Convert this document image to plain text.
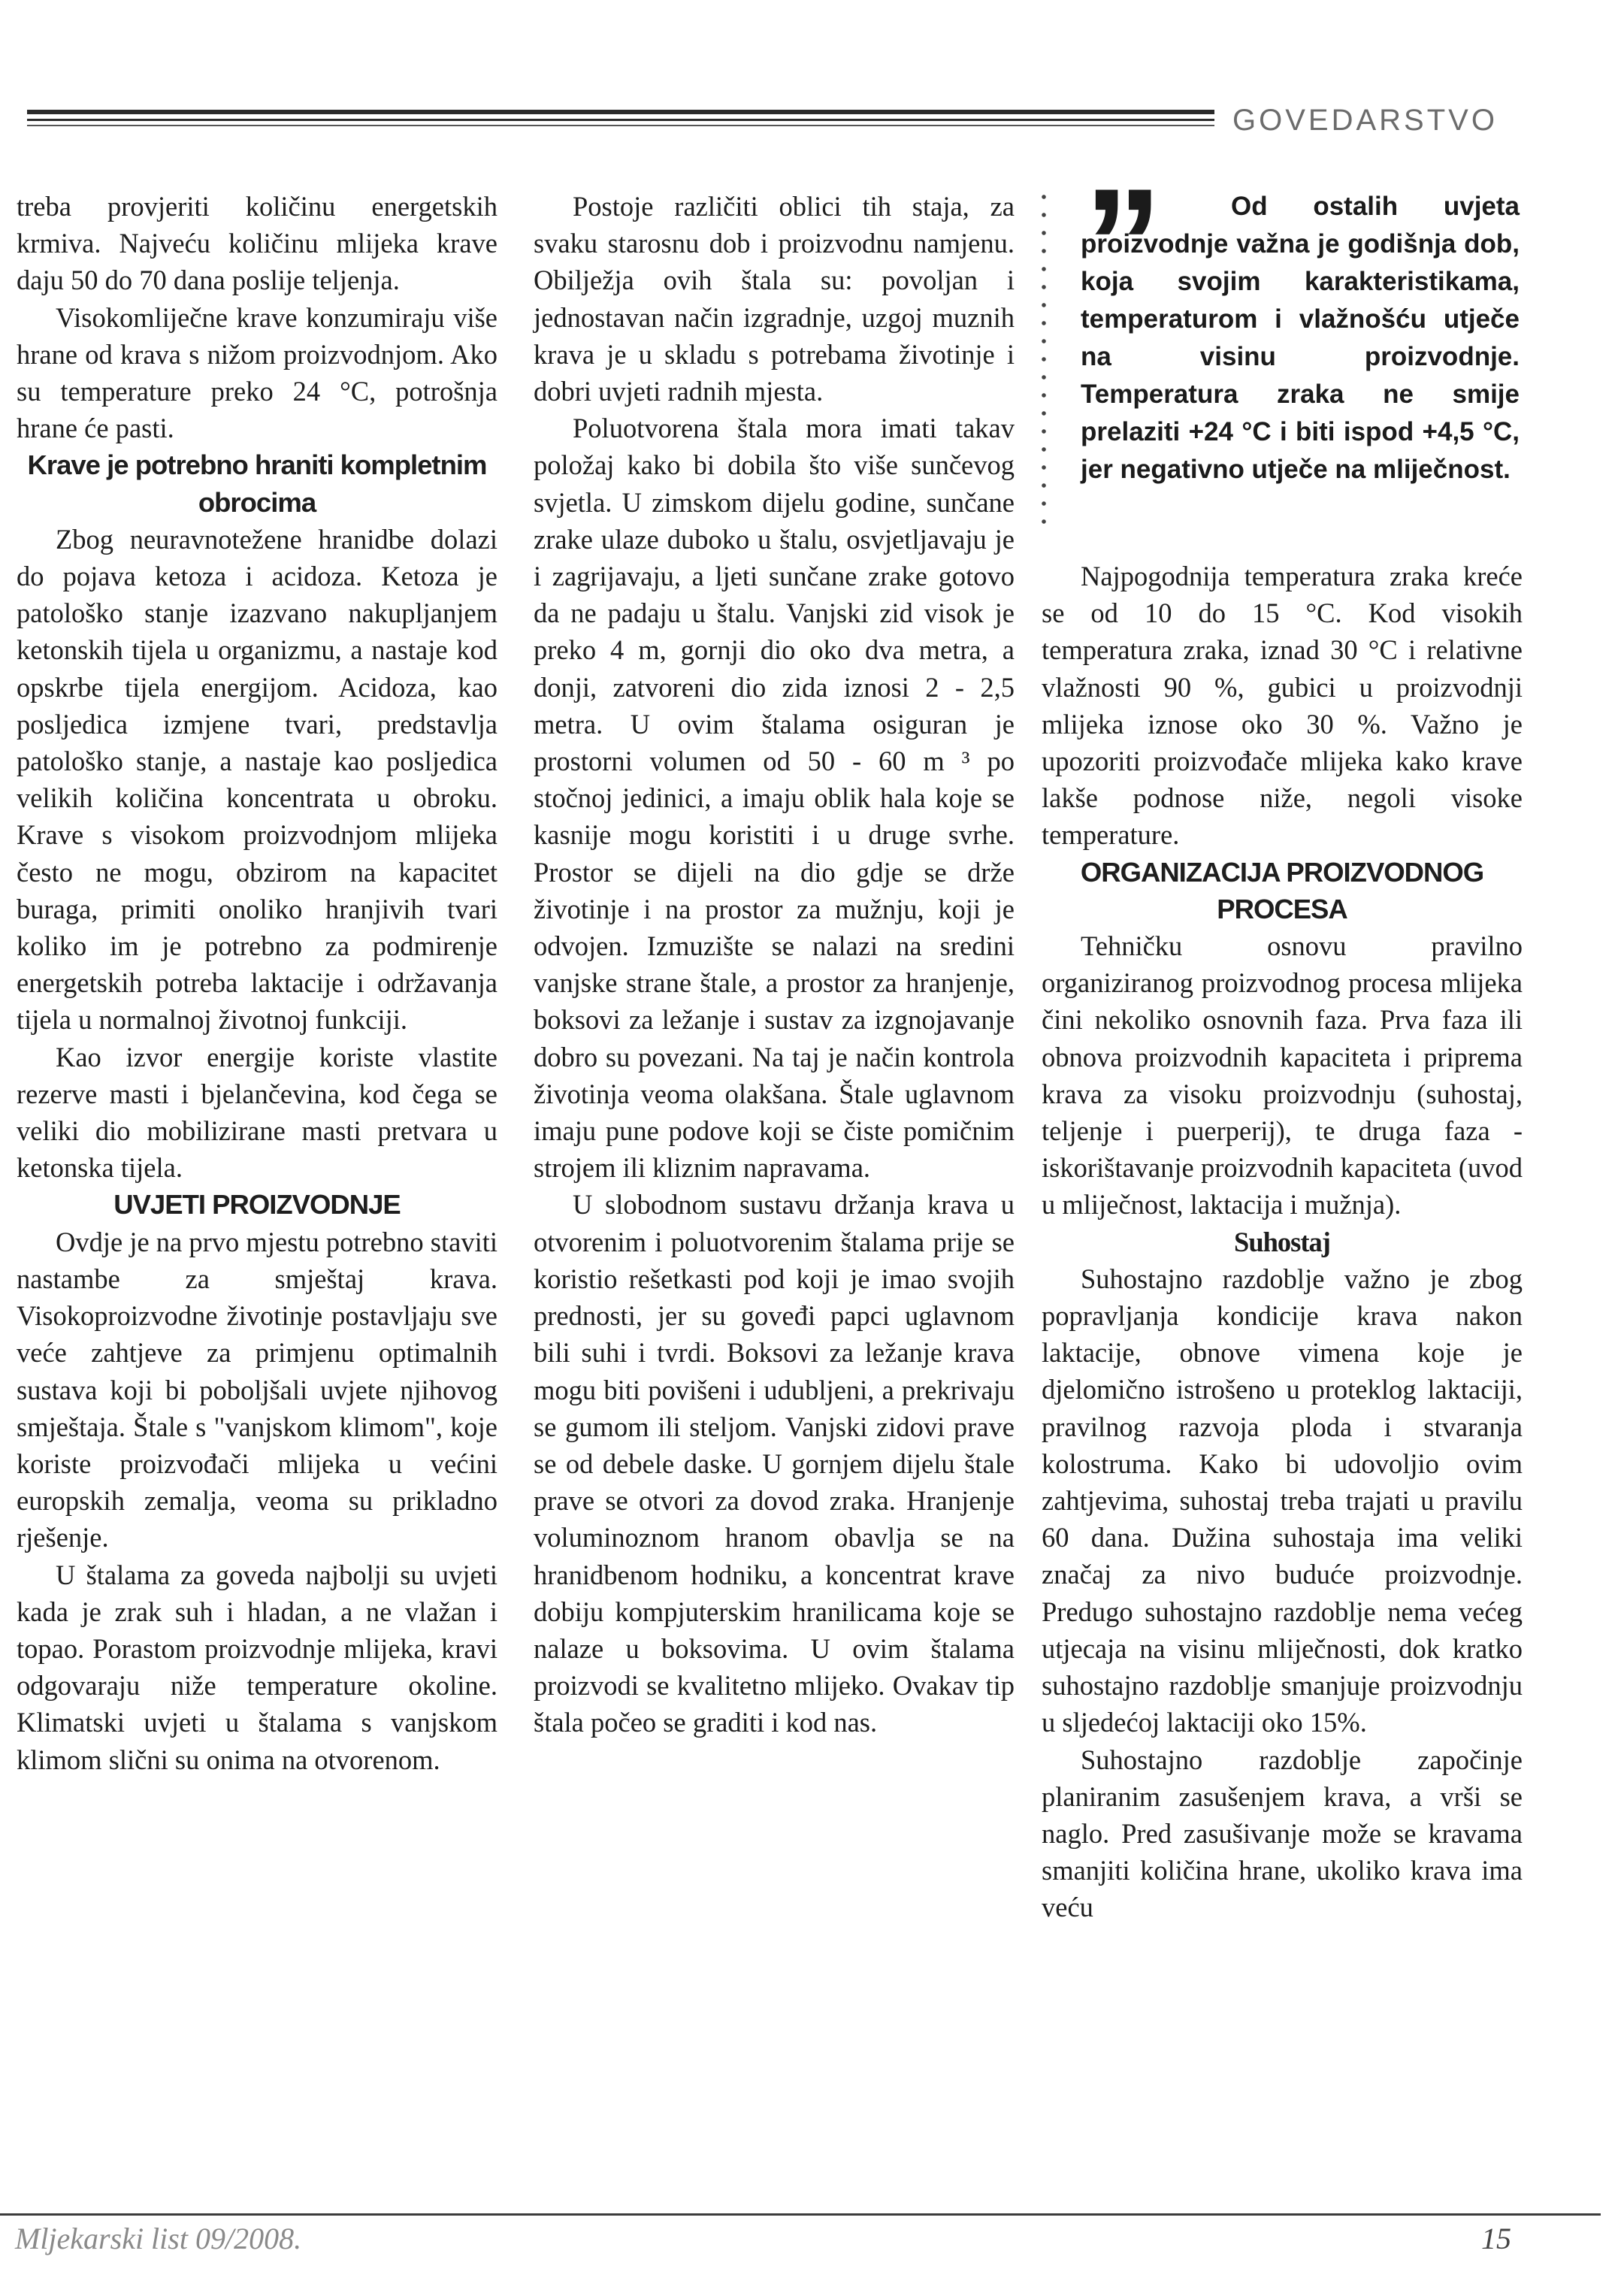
GOVEDARSTVO

treba provjeriti količinu energetskih krmiva. Najveću količinu mlijeka krave daju 50 do 70 dana poslije teljenja.

Visokomliječne krave konzumiraju više hrane od krava s nižom proizvodnjom. Ako su temperature preko 24 °C, potrošnja hrane će pasti.

Krave je potrebno hraniti kompletnim obrocima

Zbog neuravnotežene hranidbe dolazi do pojava ketoza i acidoza. Ketoza je patološko stanje izazvano nakupljanjem ketonskih tijela u organizmu, a nastaje kod opskrbe tijela energijom. Acidoza, kao posljedica izmjene tvari, predstavlja patološko stanje, a nastaje kao posljedica velikih količina koncentrata u obroku. Krave s visokom proizvodnjom mlijeka često ne mogu, obzirom na kapacitet buraga, primiti onoliko hranjivih tvari koliko im je potrebno za podmirenje energetskih potreba laktacije i održavanja tijela u normalnoj životnoj funkciji.

Kao izvor energije koriste vlastite rezerve masti i bjelančevina, kod čega se veliki dio mobilizirane masti pretvara u ketonska tijela.

UVJETI PROIZVODNJE

Ovdje je na prvo mjestu potrebno staviti nastambe za smještaj krava. Visokoproizvodne životinje postavljaju sve veće zahtjeve za primjenu optimalnih sustava koji bi poboljšali uvjete njihovog smještaja. Štale s "vanjskom klimom", koje koriste proizvođači mlijeka u većini europskih zemalja, veoma su prikladno rješenje.

U štalama za goveda najbolji su uvjeti kada je zrak suh i hladan, a ne vlažan i topao. Porastom proizvodnje mlijeka, kravi odgovaraju niže temperature okoline. Klimatski uvjeti u štalama s vanjskom klimom slični su onima na otvorenom.

Postoje različiti oblici tih staja, za svaku starosnu dob i proizvodnu namjenu. Obilježja ovih štala su: povoljan i jednostavan način izgradnje, uzgoj muznih krava je u skladu s potrebama životinje i dobri uvjeti radnih mjesta.

Poluotvorena štala mora imati takav položaj kako bi dobila što više sunčevog svjetla. U zimskom dijelu godine, sunčane zrake ulaze duboko u štalu, osvjetljavaju je i zagrijavaju, a ljeti sunčane zrake gotovo da ne padaju u štalu. Vanjski zid visok je preko 4 m, gornji dio oko dva metra, a donji, zatvoreni dio zida iznosi 2 - 2,5 metra. U ovim štalama osiguran je prostorni volumen od 50 - 60 m ³ po stočnoj jedinici, a imaju oblik hala koje se kasnije mogu koristiti i u druge svrhe. Prostor se dijeli na dio gdje se drže životinje i na prostor za mužnju, koji je odvojen. Izmuzište se nalazi na sredini vanjske strane štale, a prostor za hranjenje, boksovi za ležanje i sustav za izgnojavanje dobro su povezani. Na taj je način kontrola životinja veoma olakšana. Štale uglavnom imaju pune podove koji se čiste pomičnim strojem ili kliznim napravama.

U slobodnom sustavu držanja krava u otvorenim i poluotvorenim štalama prije se koristio rešetkasti pod koji je imao svojih prednosti, jer su goveđi papci uglavnom bili suhi i tvrdi. Boksovi za ležanje krava mogu biti povišeni i udubljeni, a prekrivaju se gumom ili steljom. Vanjski zidovi prave se od debele daske. U gornjem dijelu štale prave se otvori za dovod zraka. Hranjenje voluminoznom hranom obavlja se na hranidbenom hodniku, a koncentrat krave dobiju kompjuterskim hranilicama koje se nalaze u boksovima. U ovim štalama proizvodi se kvalitetno mlijeko. Ovakav tip štala počeo se graditi i kod nas.

”	Od ostalih uvjeta proizvodnje važna je godišnja dob, koja svojim karakteristikama, temperaturom i vlažnošću utječe na visinu proizvodnje. Temperatura zraka ne smije prelaziti +24 °C i biti ispod +4,5 °C, jer negativno utječe na mliječnost.

Najpogodnija temperatura zraka kreće se od 10 do 15 °C. Kod visokih temperatura zraka, iznad 30 °C i relativne vlažnosti 90 %, gubici u proizvodnji mlijeka iznose oko 30 %. Važno je upozoriti proizvođače mlijeka kako krave lakše podnose niže, negoli visoke temperature.

ORGANIZACIJA PROIZVODNOG PROCESA

Tehničku osnovu pravilno organiziranog proizvodnog procesa mlijeka čini nekoliko osnovnih faza. Prva faza ili obnova proizvodnih kapaciteta i priprema krava za visoku proizvodnju (suhostaj, teljenje i puerperij), te druga faza - iskorištavanje proizvodnih kapaciteta (uvod u mliječnost, laktacija i mužnja).

Suhostaj

Suhostajno razdoblje važno je zbog popravljanja kondicije krava nakon laktacije, obnove vimena koje je djelomično istrošeno u proteklog laktaciji, pravilnog razvoja ploda i stvaranja kolostruma. Kako bi udovoljio ovim zahtjevima, suhostaj treba trajati u pravilu 60 dana. Dužina suhostaja ima veliki značaj za nivo buduće proizvodnje. Predugo suhostajno razdoblje nema većeg utjecaja na visinu mliječnosti, dok kratko suhostajno razdoblje smanjuje proizvodnju u sljedećoj laktaciji oko 15%.

Suhostajno razdoblje započinje planiranim zasušenjem krava, a vrši se naglo. Pred zasušivanje može se kravama smanjiti količina hrane, ukoliko krava ima veću

Mljekarski list 09/2008.	15
